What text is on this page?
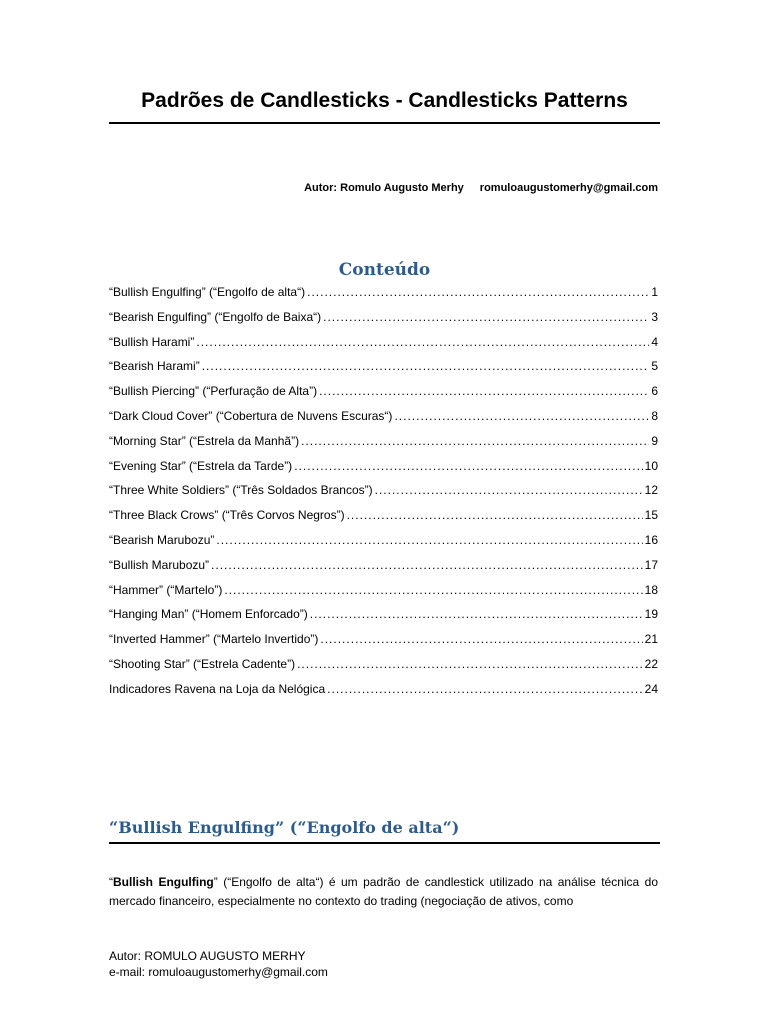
Padrões de Candlesticks - Candlesticks Patterns
Autor: Romulo Augusto Merhy romuloaugustomerhy@gmail.com
Conteúdo
“Bullish Engulfing” (“Engolfo de alta“) .....	1
“Bearish Engulfing” (“Engolfo de Baixa“) .....	3
“Bullish Harami” .....	4
“Bearish Harami” .....	5
“Bullish Piercing” (“Perfuração de Alta”) .....	6
“Dark Cloud Cover” (“Cobertura de Nuvens Escuras“) .....	8
“Morning Star” (“Estrela da Manhã”) .....	9
“Evening Star” (“Estrela da Tarde”) .....	10
“Three White Soldiers” (“Três Soldados Brancos”) .....	12
“Three Black Crows” (“Três Corvos Negros”) .....	15
“Bearish Marubozu” .....	16
“Bullish Marubozu” .....	17
“Hammer” (“Martelo”) .....	18
“Hanging Man” (“Homem Enforcado”) .....	19
“Inverted Hammer” (“Martelo Invertido”) .....	21
“Shooting Star” (“Estrela Cadente”) .....	22
Indicadores Ravena na Loja da Nelógica .....	24
“Bullish Engulfing” (“Engolfo de alta“)

“Bullish Engulfing” (“Engolfo de alta“) é um padrão de candlestick utilizado na análise técnica do mercado financeiro, especialmente no contexto do trading (negociação de ativos, como

Autor: ROMULO AUGUSTO MERHY
e-mail: romuloaugustomerhy@gmail.com
